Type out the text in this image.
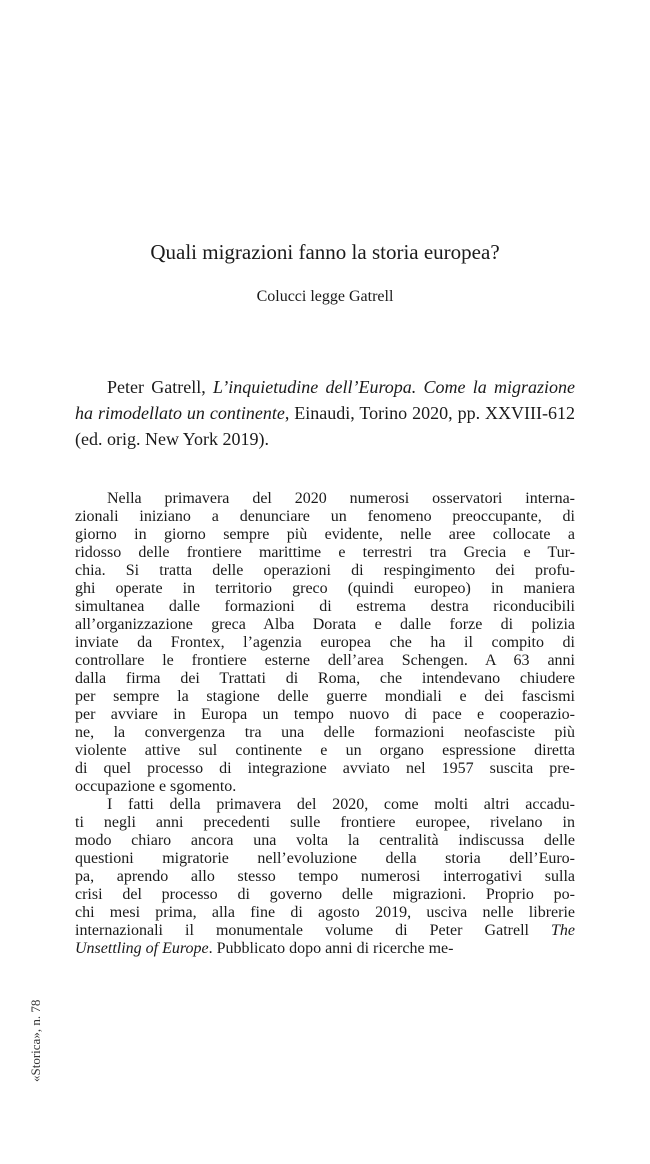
Quali migrazioni fanno la storia europea?
Colucci legge Gatrell

Peter Gatrell, L’inquietudine dell’Europa. Come la migrazione ha rimodellato un continente, Einaudi, Torino 2020, pp. XXVIII-612 (ed. orig. New York 2019).

Nella primavera del 2020 numerosi osservatori interna-
zionali iniziano a denunciare un fenomeno preoccupante, di
giorno in giorno sempre più evidente, nelle aree collocate a
ridosso delle frontiere marittime e terrestri tra Grecia e Tur-
chia. Si tratta delle operazioni di respingimento dei profu-
ghi operate in territorio greco (quindi europeo) in maniera
simultanea dalle formazioni di estrema destra riconducibili
all’organizzazione greca Alba Dorata e dalle forze di polizia
inviate da Frontex, l’agenzia europea che ha il compito di
controllare le frontiere esterne dell’area Schengen. A 63 anni
dalla firma dei Trattati di Roma, che intendevano chiudere
per sempre la stagione delle guerre mondiali e dei fascismi
per avviare in Europa un tempo nuovo di pace e cooperazio-
ne, la convergenza tra una delle formazioni neofasciste più
violente attive sul continente e un organo espressione diretta
di quel processo di integrazione avviato nel 1957 suscita pre-
occupazione e sgomento.
I fatti della primavera del 2020, come molti altri accadu-
ti negli anni precedenti sulle frontiere europee, rivelano in
modo chiaro ancora una volta la centralità indiscussa delle
questioni migratorie nell’evoluzione della storia dell’Euro-
pa, aprendo allo stesso tempo numerosi interrogativi sulla
crisi del processo di governo delle migrazioni. Proprio po-
chi mesi prima, alla fine di agosto 2019, usciva nelle librerie
internazionali il monumentale volume di Peter Gatrell The
Unsettling of Europe. Pubblicato dopo anni di ricerche me-
«Storica», n. 78
